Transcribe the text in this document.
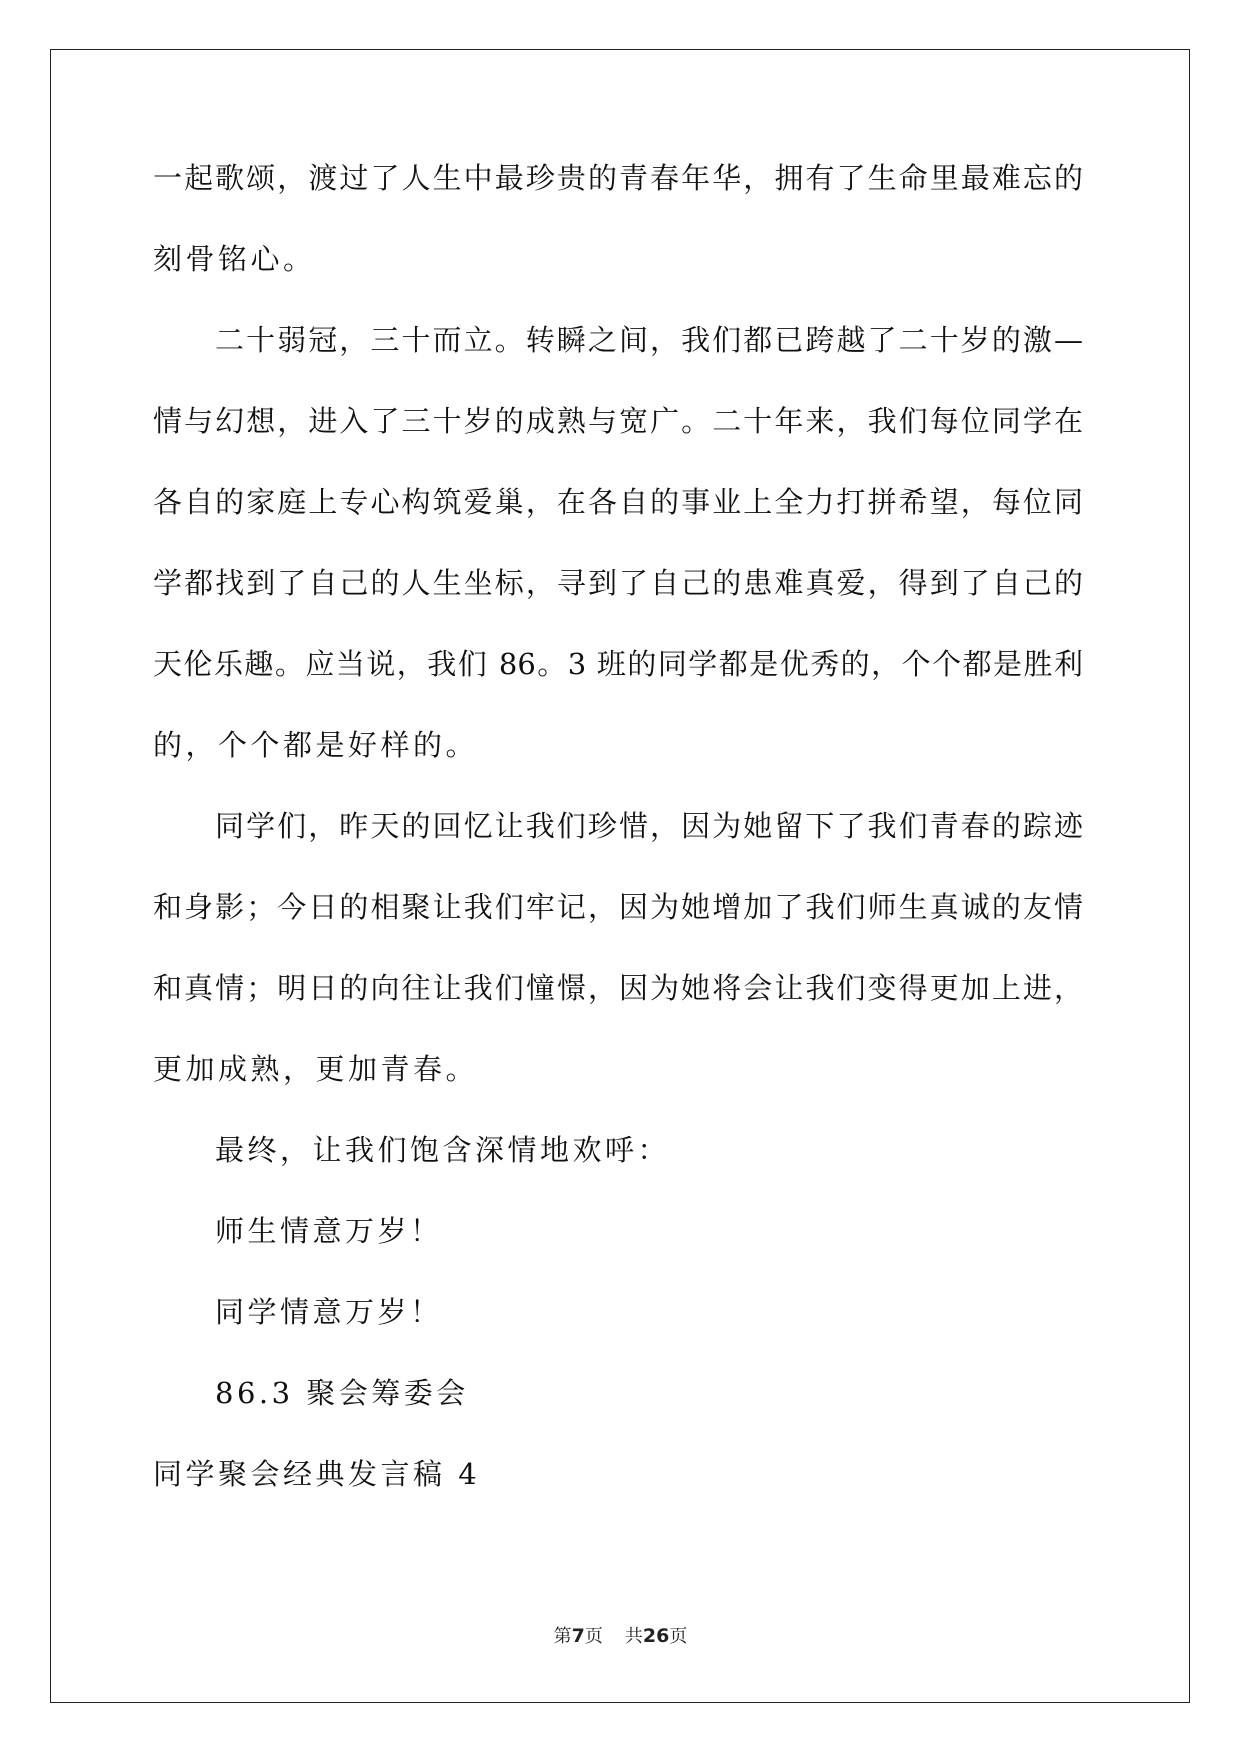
一起歌颂，渡过了人生中最珍贵的青春年华，拥有了生命里最难忘的
刻骨铭心。
二十弱冠，三十而立。转瞬之间，我们都已跨越了二十岁的激—
情与幻想，进入了三十岁的成熟与宽广。二十年来，我们每位同学在
各自的家庭上专心构筑爱巢，在各自的事业上全力打拼希望，每位同
学都找到了自己的人生坐标，寻到了自己的患难真爱，得到了自己的
天伦乐趣。应当说，我们 86。3 班的同学都是优秀的，个个都是胜利
的，个个都是好样的。
同学们，昨天的回忆让我们珍惜，因为她留下了我们青春的踪迹
和身影；今日的相聚让我们牢记，因为她增加了我们师生真诚的友情
和真情；明日的向往让我们憧憬，因为她将会让我们变得更加上进，
更加成熟，更加青春。
最终，让我们饱含深情地欢呼：
师生情意万岁！
同学情意万岁！
86.3 聚会筹委会
同学聚会经典发言稿 4
第7页 共26页
